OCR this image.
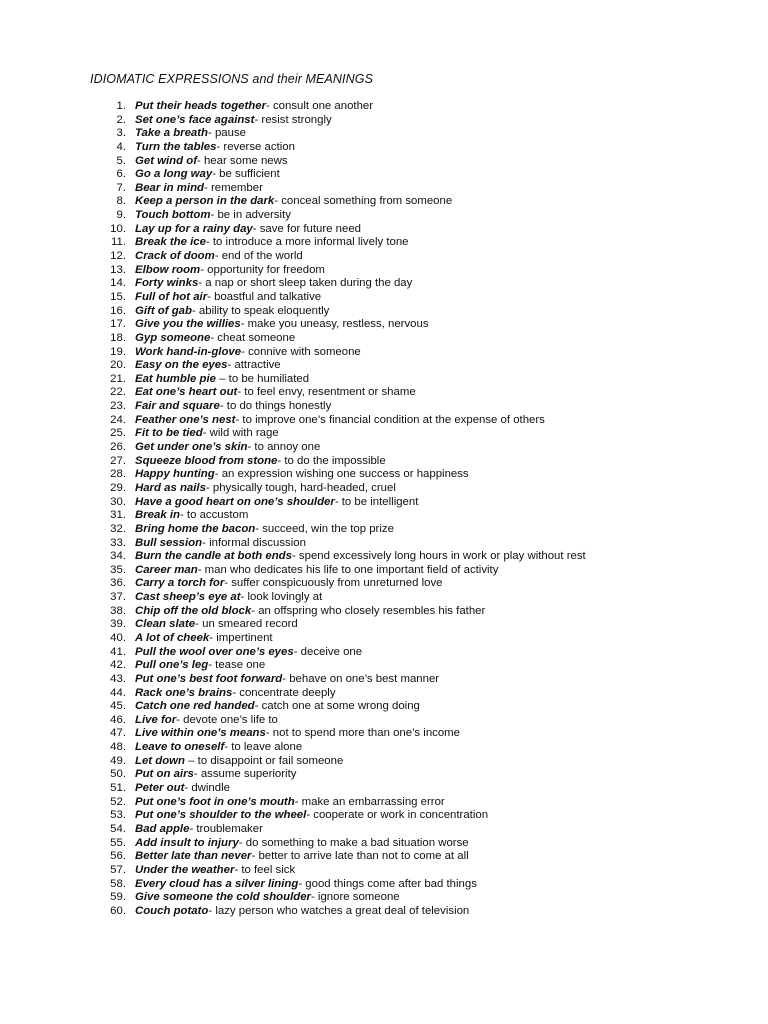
IDIOMATIC EXPRESSIONS and their MEANINGS
1. Put their heads together- consult one another
2. Set one’s face against- resist strongly
3. Take a breath- pause
4. Turn the tables- reverse action
5. Get wind of- hear some news
6. Go a long way- be sufficient
7. Bear in mind- remember
8. Keep a person in the dark- conceal something from someone
9. Touch bottom- be in adversity
10. Lay up for a rainy day- save for future need
11. Break the ice- to introduce a more informal lively tone
12. Crack of doom- end of the world
13. Elbow room- opportunity for freedom
14. Forty winks- a nap or short sleep taken during the day
15. Full of hot air- boastful and talkative
16. Gift of gab- ability to speak eloquently
17. Give you the willies- make you uneasy, restless, nervous
18. Gyp someone- cheat someone
19. Work hand-in-glove- connive with someone
20. Easy on the eyes- attractive
21. Eat humble pie – to be humiliated
22. Eat one’s heart out- to feel envy, resentment or shame
23. Fair and square- to do things honestly
24. Feather one’s nest- to improve one’s financial condition at the expense of others
25. Fit to be tied- wild with rage
26. Get under one’s skin- to annoy one
27. Squeeze blood from stone- to do the impossible
28. Happy hunting- an expression wishing one success or happiness
29. Hard as nails- physically tough, hard-headed, cruel
30. Have a good heart on one’s shoulder- to be intelligent
31. Break in- to accustom
32. Bring home the bacon- succeed, win the top prize
33. Bull session- informal discussion
34. Burn the candle at both ends- spend excessively long hours in work or play without rest
35. Career man- man who dedicates his life to one important field of activity
36. Carry a torch for- suffer conspicuously from unreturned love
37. Cast sheep’s eye at- look lovingly at
38. Chip off the old block- an offspring who closely resembles his father
39. Clean slate- un smeared record
40. A lot of cheek- impertinent
41. Pull the wool over one’s eyes- deceive one
42. Pull one’s leg- tease one
43. Put one’s best foot forward- behave on one’s best manner
44. Rack one’s brains- concentrate deeply
45. Catch one red handed- catch one at some wrong doing
46. Live for- devote one’s life to
47. Live within one’s means- not to spend more than one’s income
48. Leave to oneself- to leave alone
49. Let down – to disappoint or fail someone
50. Put on airs- assume superiority
51. Peter out- dwindle
52. Put one’s foot in one’s mouth- make an embarrassing error
53. Put one’s shoulder to the wheel- cooperate or work in concentration
54. Bad apple- troublemaker
55. Add insult to injury- do something to make a bad situation worse
56. Better late than never- better to arrive late than not to come at all
57. Under the weather- to feel sick
58. Every cloud has a silver lining- good things come after bad things
59. Give someone the cold shoulder- ignore someone
60. Couch potato- lazy person who watches a great deal of television
